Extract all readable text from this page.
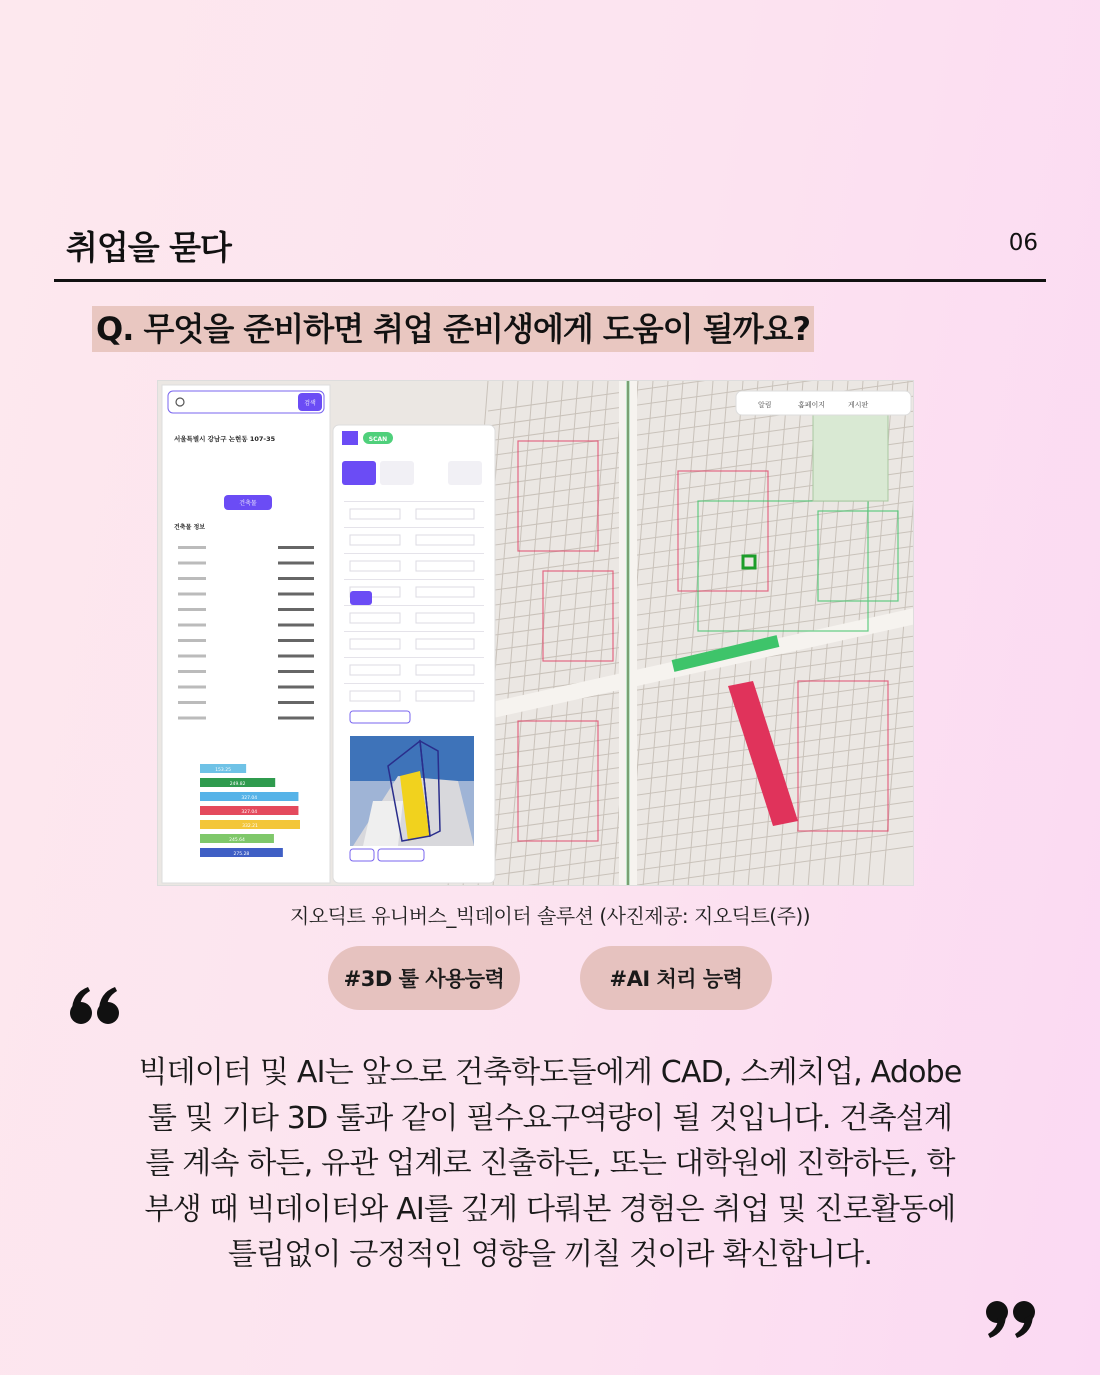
취업을 묻다	06
Q. 무엇을 준비하면 취업 준비생에게 도움이 될까요?
알림	홈페이지	게시판
검색
서울특별시 강남구 논현동 107-35
건축물
건축물 정보
153.25
249.82
327.04
327.04
332.21
245.64
275.28
SCAN
지오딕트 유니버스_빅데이터 솔루션 (사진제공: 지오딕트(주))
#3D 툴 사용능력	#AI 처리 능력
빅데이터 및 AI는 앞으로 건축학도들에게 CAD, 스케치업, Adobe
툴 및 기타 3D 툴과 같이 필수요구역량이 될 것입니다. 건축설계
를 계속 하든, 유관 업계로 진출하든, 또는 대학원에 진학하든, 학
부생 때 빅데이터와 AI를 깊게 다뤄본 경험은 취업 및 진로활동에
틀림없이 긍정적인 영향을 끼칠 것이라 확신합니다.
